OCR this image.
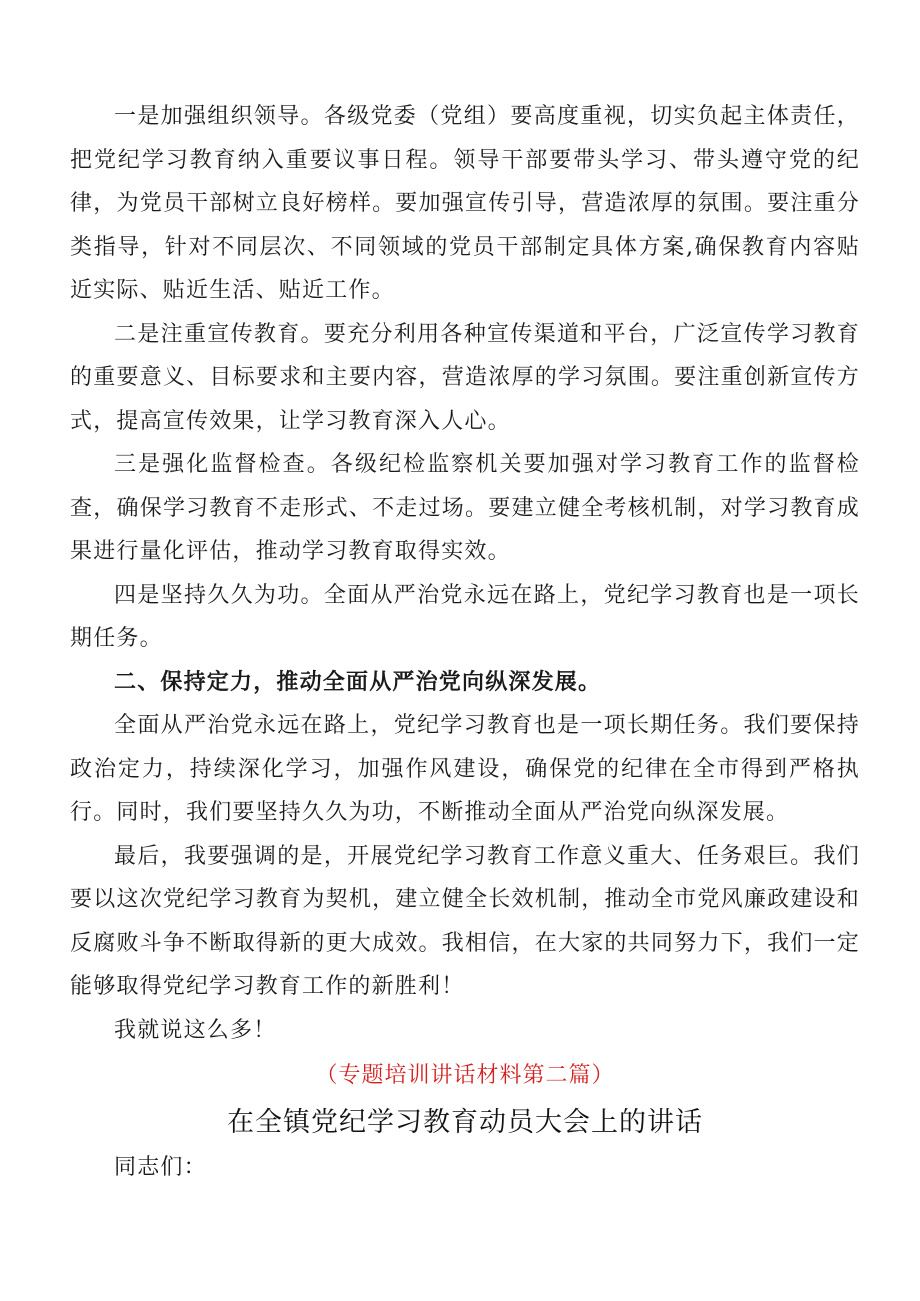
一是加强组织领导。各级党委（党组）要高度重视，切实负起主体责任，把党纪学习教育纳入重要议事日程。领导干部要带头学习、带头遵守党的纪律，为党员干部树立良好榜样。要加强宣传引导，营造浓厚的氛围。要注重分类指导，针对不同层次、不同领域的党员干部制定具体方案,确保教育内容贴近实际、贴近生活、贴近工作。

二是注重宣传教育。要充分利用各种宣传渠道和平台，广泛宣传学习教育的重要意义、目标要求和主要内容，营造浓厚的学习氛围。要注重创新宣传方式，提高宣传效果，让学习教育深入人心。

三是强化监督检查。各级纪检监察机关要加强对学习教育工作的监督检查，确保学习教育不走形式、不走过场。要建立健全考核机制，对学习教育成果进行量化评估，推动学习教育取得实效。

四是坚持久久为功。全面从严治党永远在路上，党纪学习教育也是一项长期任务。

二、保持定力，推动全面从严治党向纵深发展。

全面从严治党永远在路上，党纪学习教育也是一项长期任务。我们要保持政治定力，持续深化学习，加强作风建设，确保党的纪律在全市得到严格执行。同时，我们要坚持久久为功，不断推动全面从严治党向纵深发展。

最后，我要强调的是，开展党纪学习教育工作意义重大、任务艰巨。我们要以这次党纪学习教育为契机，建立健全长效机制，推动全市党风廉政建设和反腐败斗争不断取得新的更大成效。我相信，在大家的共同努力下，我们一定能够取得党纪学习教育工作的新胜利！

我就说这么多！

（专题培训讲话材料第二篇）

在全镇党纪学习教育动员大会上的讲话

同志们：
